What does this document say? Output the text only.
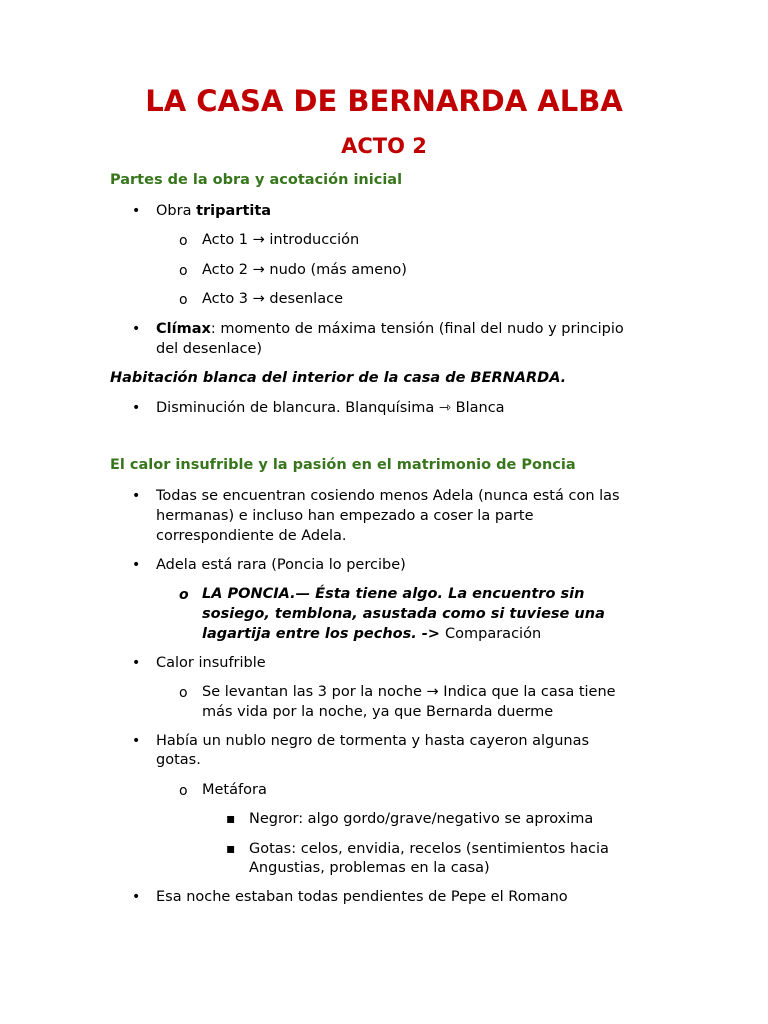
LA CASA DE BERNARDA ALBA
ACTO 2
Partes de la obra y acotación inicial
• Obra tripartita
o Acto 1 → introducción
o Acto 2 → nudo (más ameno)
o Acto 3 → desenlace
• Clímax: momento de máxima tensión (final del nudo y principio
del desenlace)
Habitación blanca del interior de la casa de BERNARDA.
• Disminución de blancura. Blanquísima ⇾ Blanca
El calor insufrible y la pasión en el matrimonio de Poncia
• Todas se encuentran cosiendo menos Adela (nunca está con las
hermanas) e incluso han empezado a coser la parte
correspondiente de Adela.
• Adela está rara (Poncia lo percibe)
o LA PONCIA.— Ésta tiene algo. La encuentro sin
sosiego, temblona, asustada como si tuviese una
lagartija entre los pechos. -> Comparación
• Calor insufrible
o Se levantan las 3 por la noche → Indica que la casa tiene
más vida por la noche, ya que Bernarda duerme
• Había un nublo negro de tormenta y hasta cayeron algunas
gotas.
o Metáfora
▪ Negror: algo gordo/grave/negativo se aproxima
▪ Gotas: celos, envidia, recelos (sentimientos hacia
Angustias, problemas en la casa)
• Esa noche estaban todas pendientes de Pepe el Romano
